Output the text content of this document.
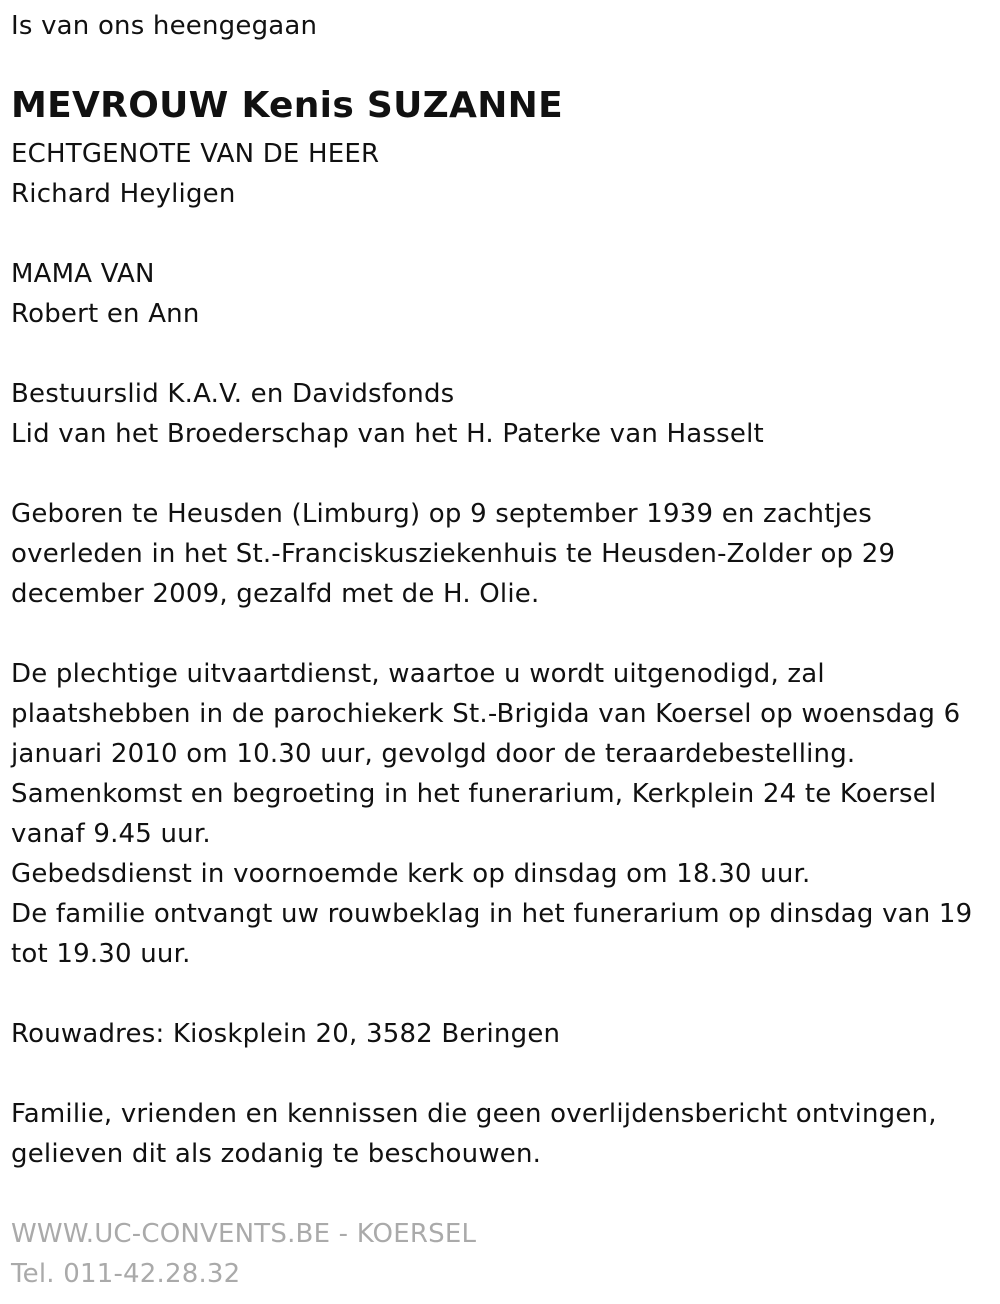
Is van ons heengegaan
MEVROUW Kenis SUZANNE
ECHTGENOTE VAN DE HEER
Richard Heyligen
MAMA VAN
Robert en Ann
Bestuurslid K.A.V. en Davidsfonds
Lid van het Broederschap van het H. Paterke van Hasselt
Geboren te Heusden (Limburg) op 9 september 1939 en zachtjes
overleden in het St.-Franciskusziekenhuis te Heusden-Zolder op 29
december 2009, gezalfd met de H. Olie.
De plechtige uitvaartdienst, waartoe u wordt uitgenodigd, zal
plaatshebben in de parochiekerk St.-Brigida van Koersel op woensdag 6
januari 2010 om 10.30 uur, gevolgd door de teraardebestelling.
Samenkomst en begroeting in het funerarium, Kerkplein 24 te Koersel
vanaf 9.45 uur.
Gebedsdienst in voornoemde kerk op dinsdag om 18.30 uur.
De familie ontvangt uw rouwbeklag in het funerarium op dinsdag van 19
tot 19.30 uur.
Rouwadres: Kioskplein 20, 3582 Beringen
Familie, vrienden en kennissen die geen overlijdensbericht ontvingen,
gelieven dit als zodanig te beschouwen.
WWW.UC-CONVENTS.BE - KOERSEL
Tel. 011-42.28.32
